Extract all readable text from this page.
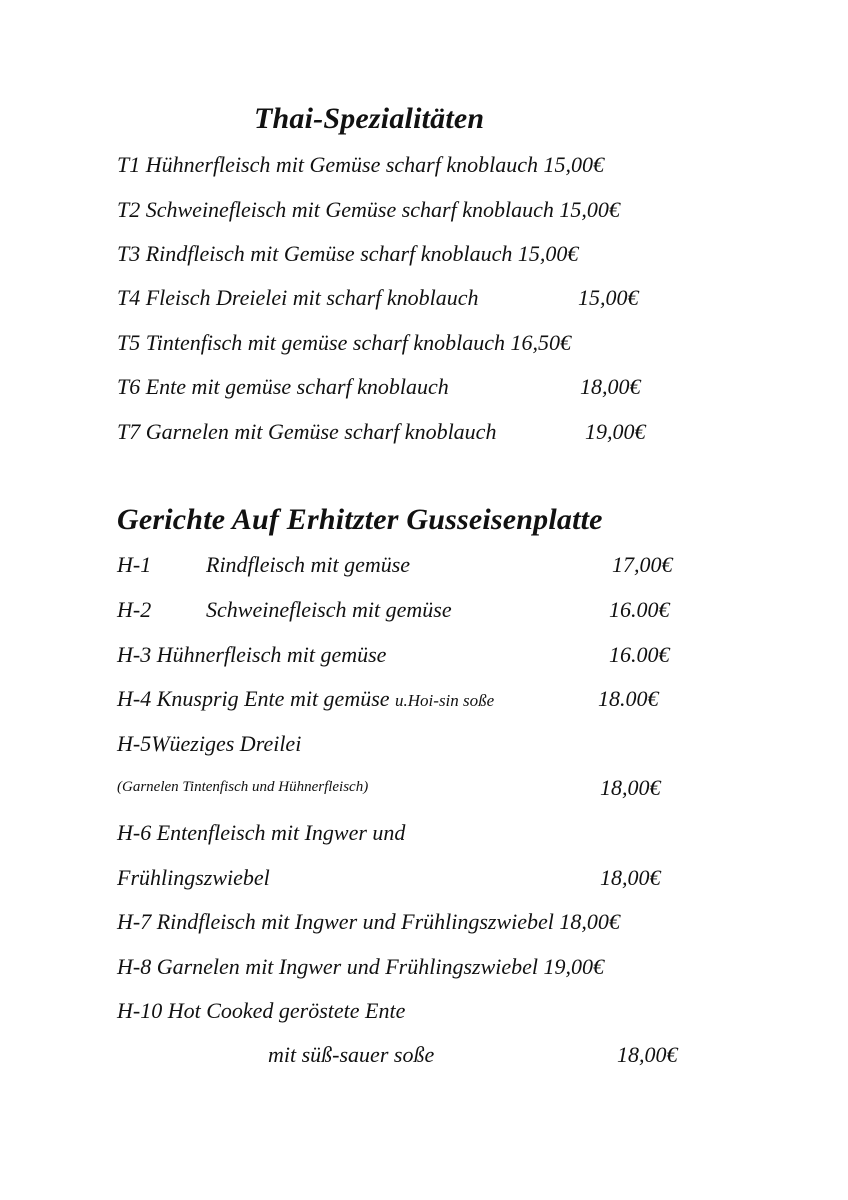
Thai-Spezialitäten
T1 Hühnerfleisch mit Gemüse scharf knoblauch 15,00€
T2 Schweinefleisch mit Gemüse scharf knoblauch 15,00€
T3 Rindfleisch mit Gemüse scharf knoblauch 15,00€
T4 Fleisch Dreielei mit scharf knoblauch	15,00€
T5 Tintenfisch mit gemüse scharf knoblauch 16,50€
T6 Ente mit gemüse scharf knoblauch	18,00€
T7 Garnelen mit Gemüse scharf knoblauch	19,00€
Gerichte Auf Erhitzter Gusseisenplatte
H-1 Rindfleisch mit gemüse	17,00€
H-2 Schweinefleisch mit gemüse	16.00€
H-3 Hühnerfleisch mit gemüse	16.00€
H-4 Knusprig Ente mit gemüse u.Hoi-sin soße	18.00€
H-5Wüeziges Dreilei
(Garnelen Tintenfisch und Hühnerfleisch)	18,00€
H-6 Entenfleisch mit Ingwer und
Frühlingszwiebel	18,00€
H-7 Rindfleisch mit Ingwer und Frühlingszwiebel 18,00€
H-8 Garnelen mit Ingwer und Frühlingszwiebel 19,00€
H-10 Hot Cooked geröstete Ente
mit süß-sauer soße	18,00€
